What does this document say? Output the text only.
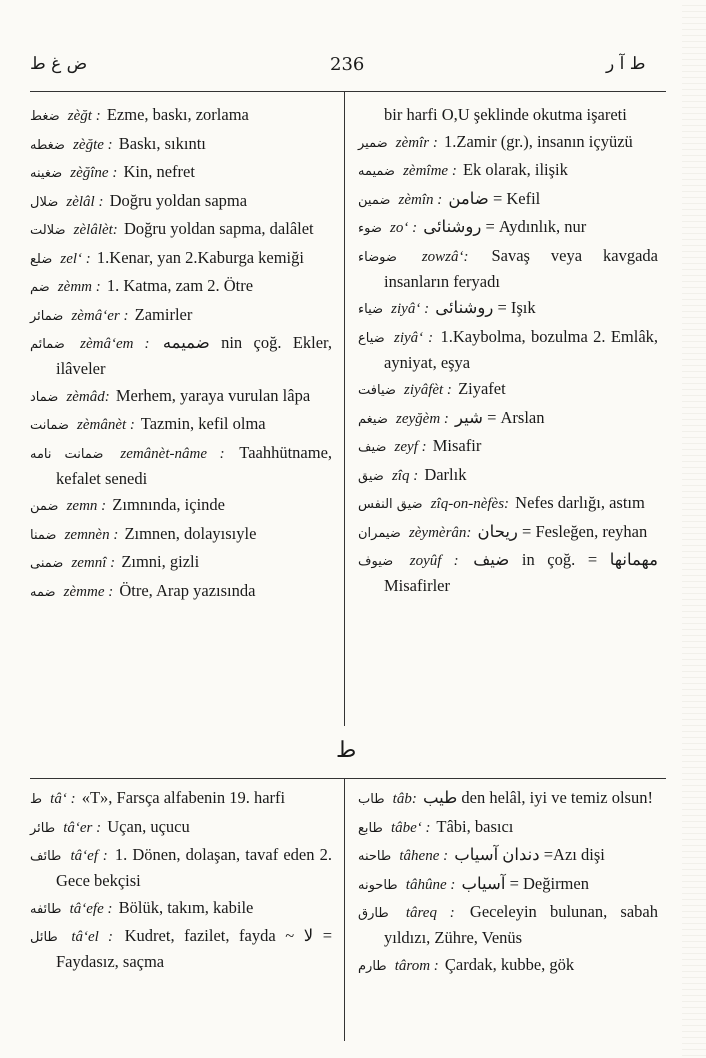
ض غ ط	236	ط آ ر
ط
ضغط zèğt : Ezme, baskı, zorlama
ضغطه zèğte : Baskı, sıkıntı
ضغينه zèğîne : Kin, nefret
ضلال zèlâl : Doğru yoldan sapma
ضلالت zèlâlèt: Doğru yoldan sapma, dalâlet
ضلع zel‘ : 1.Kenar, yan 2.Kaburga kemiği
ضم zèmm : 1. Katma, zam 2. Ötre
ضمائر zèmâ‘er : Zamirler
ضمائم zèmâ‘em : ضميمه nin çoğ. Ekler, ilâveler
ضماد zèmâd: Merhem, yaraya vurulan lâpa
ضمانت zèmânèt : Tazmin, kefil olma
ضمانت نامه zemânèt-nâme : Taahhütname, kefalet senedi
ضمن zemn : Zımnında, içinde
ضمنا zemnèn : Zımnen, dolayısıyle
ضمنى zemnî : Zımni, gizli
ضمه zèmme : Ötre, Arap yazısında
bir harfi O,U şeklinde okutma işareti
ضمير zèmîr : 1.Zamir (gr.), insanın içyüzü
ضميمه zèmîme : Ek olarak, ilişik
ضمين zèmîn : ضامن = Kefil
ضوء zo‘ : روشنائى = Aydınlık, nur
ضوضاء zowzâ‘: Savaş veya kavgada insanların feryadı
ضياء ziyâ‘ : روشنائى = Işık
ضياع ziyâ‘ : 1.Kaybolma, bozulma 2. Emlâk, ayniyat, eşya
ضيافت ziyâfèt : Ziyafet
ضيغم zeyğèm : شير = Arslan
ضيف zeyf : Misafir
ضيق zîq : Darlık
ضيق النفس zîq-on-nèfès: Nefes darlığı, astım
ضيمران zèymèrân: ريحان = Fesleğen, reyhan
ضيوف zoyûf : ضيف in çoğ. = مهمانها Misafirler
ط tâ‘ : «T», Farsça alfabenin 19. harfi
طائر tâ‘er : Uçan, uçucu
طائف tâ‘ef : 1. Dönen, dolaşan, tavaf eden 2. Gece bekçisi
طائفه tâ‘efe : Bölük, takım, kabile
طائل tâ‘el : Kudret, fazilet, fayda ~ لا = Faydasız, saçma
طاب tâb: طيب den helâl, iyi ve temiz olsun!
طابع tâbe‘ : Tâbi, basıcı
طاحنه tâhene : دندان آسياب =Azı dişi
طاحونه tâhûne : آسياب = Değirmen
طارق târeq : Geceleyin bulunan, sabah yıldızı, Zühre, Venüs
طارم târom : Çardak, kubbe, gök
